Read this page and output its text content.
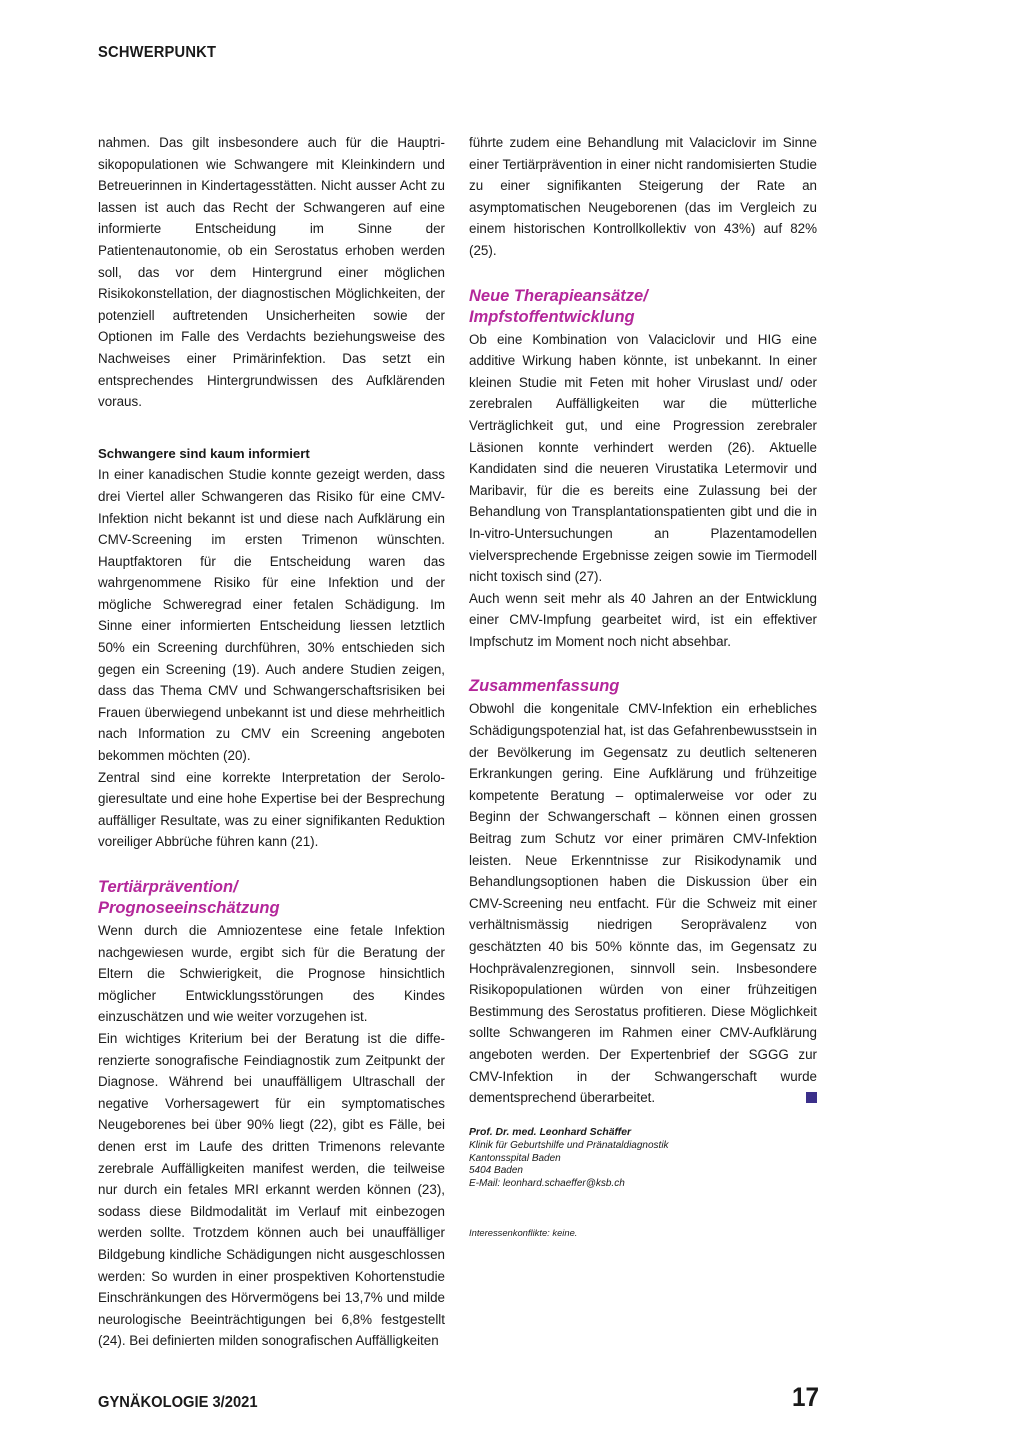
SCHWERPUNKT

nahmen. Das gilt insbesondere auch für die Hauptrisikopopulationen wie Schwangere mit Kleinkindern und Betreuerinnen in Kindertagesstätten. Nicht ausser Acht zu lassen ist auch das Recht der Schwangeren auf eine informierte Entscheidung im Sinne der Patientenautonomie, ob ein Serostatus erhoben werden soll, das vor dem Hintergrund einer möglichen Risikokonstellation, der diagnostischen Möglichkeiten, der potenziell auftretenden Unsicherheiten sowie der Optionen im Falle des Verdachts beziehungsweise des Nachweises einer Primärinfektion. Das setzt ein entsprechendes Hintergrundwissen des Aufklärenden voraus.

Schwangere sind kaum informiert

In einer kanadischen Studie konnte gezeigt werden, dass drei Viertel aller Schwangeren das Risiko für eine CMV-Infektion nicht bekannt ist und diese nach Aufklärung ein CMV-Screening im ersten Trimenon wünschten. Hauptfaktoren für die Entscheidung waren das wahrgenommene Risiko für eine Infektion und der mögliche Schweregrad einer fetalen Schädigung. Im Sinne einer informierten Entscheidung liessen letztlich 50% ein Screening durchführen, 30% entschieden sich gegen ein Screening (19). Auch andere Studien zeigen, dass das Thema CMV und Schwangerschaftsrisiken bei Frauen überwiegend unbekannt ist und diese mehrheitlich nach Information zu CMV ein Screening angeboten bekommen möchten (20).

Zentral sind eine korrekte Interpretation der Serologieresultate und eine hohe Expertise bei der Besprechung auffälliger Resultate, was zu einer signifikanten Reduktion voreiliger Abbrüche führen kann (21).

Tertiärprävention/
Prognoseeinschätzung

Wenn durch die Amniozentese eine fetale Infektion nachgewiesen wurde, ergibt sich für die Beratung der Eltern die Schwierigkeit, die Prognose hinsichtlich möglicher Entwicklungsstörungen des Kindes einzuschätzen und wie weiter vorzugehen ist.

Ein wichtiges Kriterium bei der Beratung ist die differenzierte sonografische Feindiagnostik zum Zeitpunkt der Diagnose. Während bei unauffälligem Ultraschall der negative Vorhersagewert für ein symptomatisches Neugeborenes bei über 90% liegt (22), gibt es Fälle, bei denen erst im Laufe des dritten Trimenons relevante zerebrale Auffälligkeiten manifest werden, die teilweise nur durch ein fetales MRI erkannt werden können (23), sodass diese Bildmodalität im Verlauf mit einbezogen werden sollte. Trotzdem können auch bei unauffälliger Bildgebung kindliche Schädigungen nicht ausgeschlossen werden: So wurden in einer prospektiven Kohortenstudie Einschränkungen des Hörvermögens bei 13,7% und milde neurologische Beeinträchtigungen bei 6,8% festgestellt (24). Bei definierten milden sonografischen Auffälligkeiten

führte zudem eine Behandlung mit Valaciclovir im Sinne einer Tertiärprävention in einer nicht randomisierten Studie zu einer signifikanten Steigerung der Rate an asymptomatischen Neugeborenen (das im Vergleich zu einem historischen Kontrollkollektiv von 43%) auf 82% (25).

Neue Therapieansätze/
Impfstoffentwicklung

Ob eine Kombination von Valaciclovir und HIG eine additive Wirkung haben könnte, ist unbekannt. In einer kleinen Studie mit Feten mit hoher Viruslast und/ oder zerebralen Auffälligkeiten war die mütterliche Verträglichkeit gut, und eine Progression zerebraler Läsionen konnte verhindert werden (26). Aktuelle Kandidaten sind die neueren Virustatika Letermovir und Maribavir, für die es bereits eine Zulassung bei der Behandlung von Transplantationspatienten gibt und die in In-vitro-Untersuchungen an Plazentamodellen vielversprechende Ergebnisse zeigen sowie im Tiermodell nicht toxisch sind (27).

Auch wenn seit mehr als 40 Jahren an der Entwicklung einer CMV-Impfung gearbeitet wird, ist ein effektiver Impfschutz im Moment noch nicht absehbar.

Zusammenfassung

Obwohl die kongenitale CMV-Infektion ein erhebliches Schädigungspotenzial hat, ist das Gefahrenbewusstsein in der Bevölkerung im Gegensatz zu deutlich selteneren Erkrankungen gering. Eine Aufklärung und frühzeitige kompetente Beratung – optimalerweise vor oder zu Beginn der Schwangerschaft – können einen grossen Beitrag zum Schutz vor einer primären CMV-Infektion leisten. Neue Erkenntnisse zur Risikodynamik und Behandlungsoptionen haben die Diskussion über ein CMV-Screening neu entfacht. Für die Schweiz mit einer verhältnismässig niedrigen Seroprävalenz von geschätzten 40 bis 50% könnte das, im Gegensatz zu Hochprävalenzregionen, sinnvoll sein. Insbesondere Risikopopulationen würden von einer frühzeitigen Bestimmung des Serostatus profitieren. Diese Möglichkeit sollte Schwangeren im Rahmen einer CMV-Aufklärung angeboten werden. Der Expertenbrief der SGGG zur CMV-Infektion in der Schwangerschaft wurde dementsprechend überarbeitet.

Prof. Dr. med. Leonhard Schäffer
Klinik für Geburtshilfe und Pränataldiagnostik
Kantonsspital Baden
5404 Baden
E-Mail: leonhard.schaeffer@ksb.ch
Interessenkonflikte: keine.
GYNÄKOLOGIE 3/2021	17
